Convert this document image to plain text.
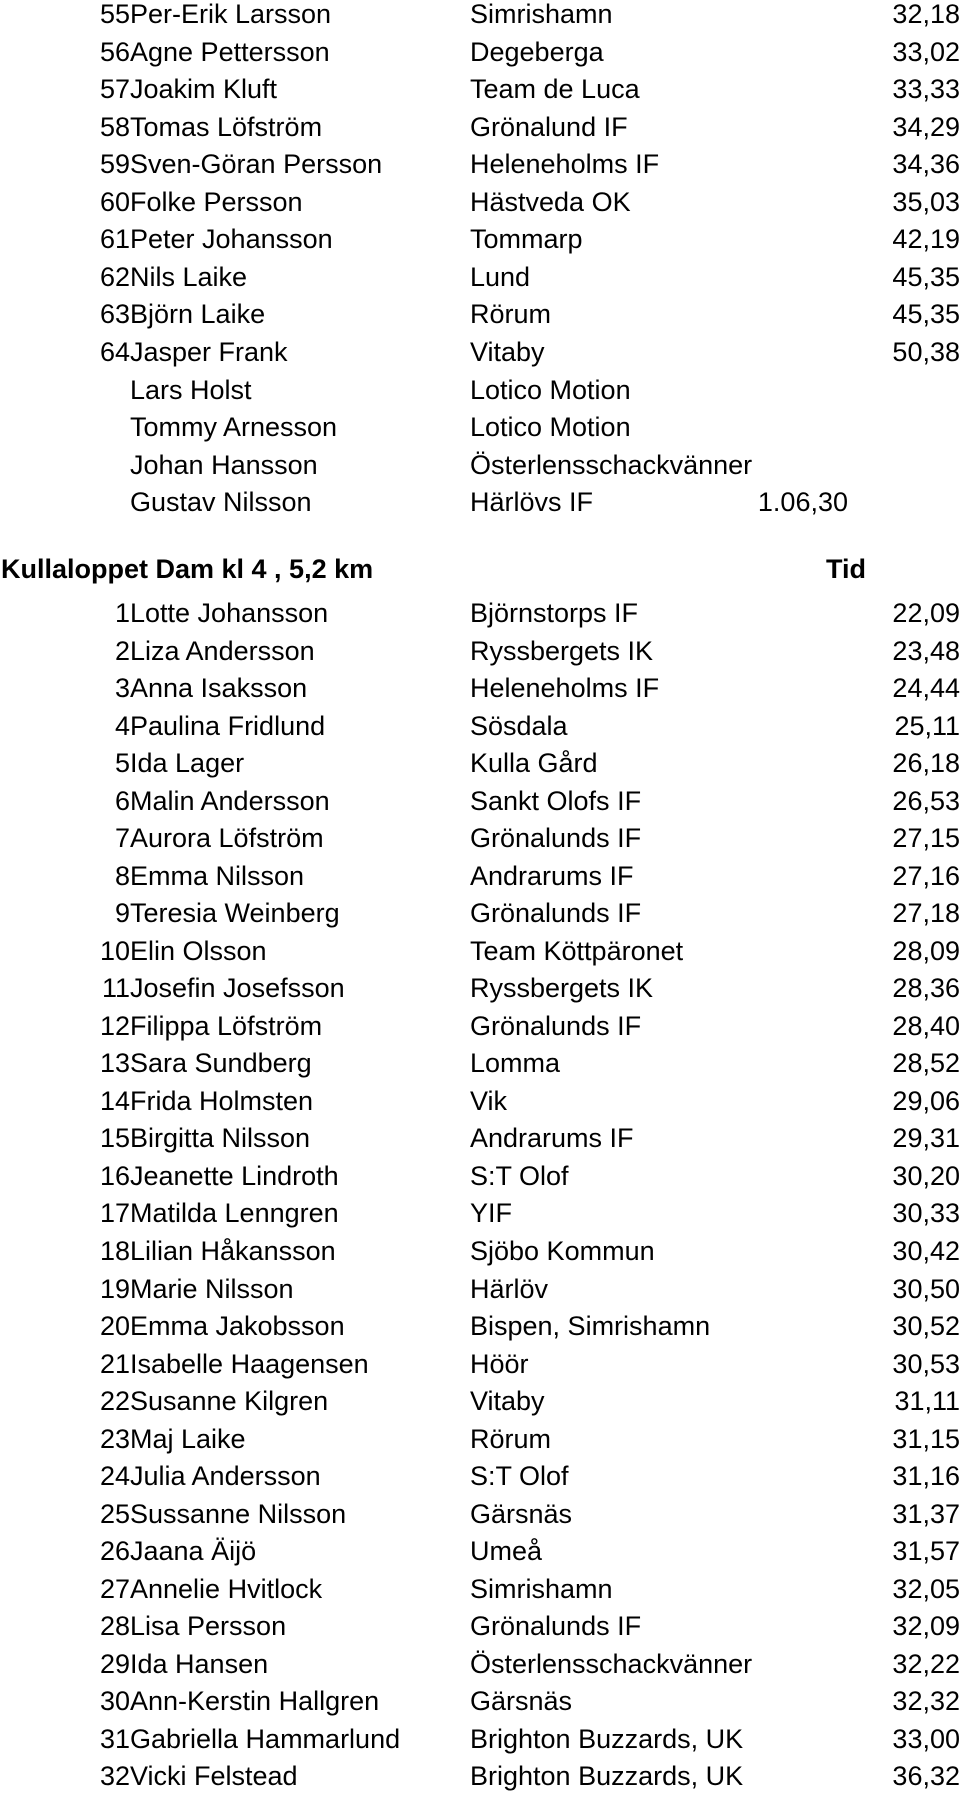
55 Per-Erik Larsson	Simrishamn	32,18
56 Agne Pettersson	Degeberga	33,02
57 Joakim Kluft	Team de Luca	33,33
58 Tomas Löfström	Grönalund IF	34,29
59 Sven-Göran Persson	Heleneholms IF	34,36
60 Folke Persson	Hästveda OK	35,03
61 Peter Johansson	Tommarp	42,19
62 Nils Laike	Lund	45,35
63 Björn Laike	Rörum	45,35
64 Jasper Frank	Vitaby	50,38
Lars Holst	Lotico Motion
Tommy Arnesson	Lotico Motion
Johan Hansson	Österlensschackvänner
Gustav Nilsson	Härlövs IF	1.06,30
Kullaloppet Dam kl 4 , 5,2 km	Tid
1 Lotte Johansson	Björnstorps IF	22,09
2 Liza Andersson	Ryssbergets IK	23,48
3 Anna Isaksson	Heleneholms IF	24,44
4 Paulina Fridlund	Sösdala	25,11
5 Ida Lager	Kulla Gård	26,18
6 Malin Andersson	Sankt Olofs IF	26,53
7 Aurora Löfström	Grönalunds IF	27,15
8 Emma Nilsson	Andrarums IF	27,16
9 Teresia Weinberg	Grönalunds IF	27,18
10 Elin Olsson	Team Köttpäronet	28,09
11 Josefin Josefsson	Ryssbergets IK	28,36
12 Filippa Löfström	Grönalunds IF	28,40
13 Sara Sundberg	Lomma	28,52
14 Frida Holmsten	Vik	29,06
15 Birgitta Nilsson	Andrarums IF	29,31
16 Jeanette Lindroth	S:T Olof	30,20
17 Matilda Lenngren	YIF	30,33
18 Lilian Håkansson	Sjöbo Kommun	30,42
19 Marie Nilsson	Härlöv	30,50
20 Emma Jakobsson	Bispen, Simrishamn	30,52
21 Isabelle Haagensen	Höör	30,53
22 Susanne Kilgren	Vitaby	31,11
23 Maj Laike	Rörum	31,15
24 Julia Andersson	S:T Olof	31,16
25 Sussanne Nilsson	Gärsnäs	31,37
26 Jaana Äijö	Umeå	31,57
27 Annelie Hvitlock	Simrishamn	32,05
28 Lisa Persson	Grönalunds IF	32,09
29 Ida Hansen	Österlensschackvänner	32,22
30 Ann-Kerstin Hallgren	Gärsnäs	32,32
31 Gabriella Hammarlund	Brighton Buzzards, UK	33,00
32 Vicki Felstead	Brighton Buzzards, UK	36,32
